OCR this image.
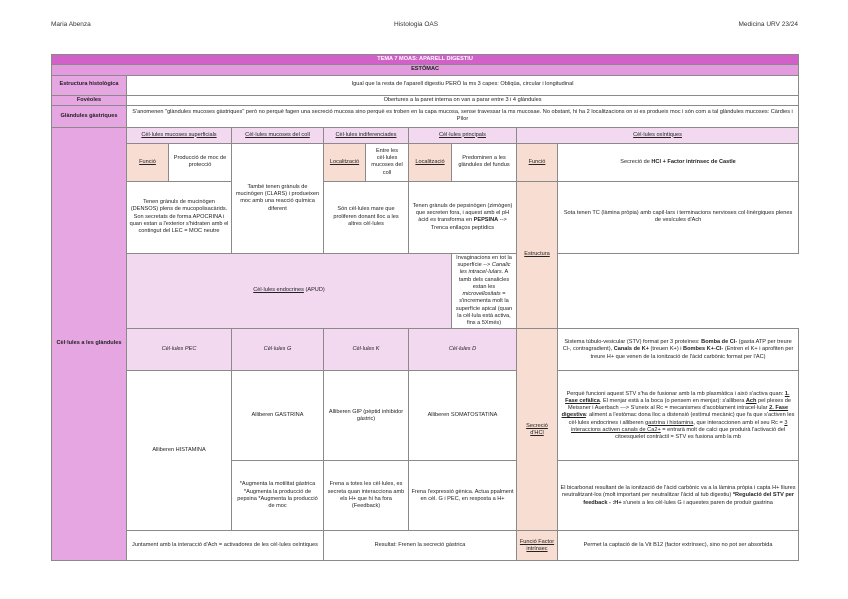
Maria Abenza	Histologia OAS	Medicina URV 23/24
TEMA 7 MOAS: APARELL DIGESTIU									
ESTÒMAC									
Estructura histològica	Igual que la resta de l'aparell digestiu PERÒ la ms 3 capes: Obliqüa, circular i longitudinal								
Fovèoles	Obertures a la paret interna on van a parar entre 3 i 4 glàndules								
Glàndules gàstriques	S'anomenen "glàndules mucoses gàstriques" però no perquè fagen una secreció mucosa sino perquè es troben en la capa mucosa, sense travessar la ms mucosae. No obstant, hi ha 2 localitzacions on si es produeix moc i són com a tal glàndules mucoses: Càrdies i Pílor								
Cèl·lules a les glàndules	Cèl·lules mucoses superficials		Cèl·lules mucoses del coll	Cèl·lules indiferenciades		Cèl·lules principals		Cèl·lules oxíntiques	
	Funció	Producció de moc de protecció	També tenen grànuls de mucinògen (CLARS) i produeixen moc amb una reacció química diferent	Localització	Entre les cèl·lules mucoses del coll	Localització	Predominen a les glàndules del fundus	Funció	Secreció de HCl + Factor intrínsec de Castle
	Tenen grànuls de mucinògen (DENSOS) plens de mucopolisacàrids. Son secretats de forma APOCRINA i quan estan a l'exterior s'hidraten amb el contingut del LEC = MOC neutre			Són cèl·lules mare que proliferen donant lloc a les altres cèl·lules		Tenen grànuls de pepsinògen (zimògen) que secreten fora, i aquest amb el pH àcid es transforma en PEPSINA --> Trenca enllaços peptídics		Estructura	Sota tenen TC (làmina pròpia) amb capil·lars i terminacions nervioses col·linèrgiques plenes de vesícules d'Ach
	Cèl·lules endocrines (APUD)						Invaginacions en tot la superfície --> Canalic les intracel·lulars. A tamb dels canalicles estan les microvellositats = s'incrementa molt la superfície apical (quan la cèl·lula està activa, fins a 5Xmés)		
	Cèl·lules PEC		Cèl·lules G	Cèl·lules K		Cèl·lules D		Secreció d'HCl	Sistema túbulo-vesicular (STV) format per 3 proteïnes: Bomba de Cl- (gasta ATP per treure Cl-, contragradient), Canals de K+ (treuen K+) i Bombes K+-Cl- (Entren el K+ i aprofiten per treure H+ que venen de la ionització de l'àcid carbònic format per l'AC)
	Alliberen HISTAMINA		Alliberen GASTRINA	Alliberen GIP (pèptid inhibidor gàstric)		Alliberen SOMATOSTATINA			Perquè funcioni aquest STV s'ha de fusionar amb la mb plasmàtica i això s'activa quan: 1. Fase cefàlica. El menjar està a la boca (o pensem en menjar): s'allibera Ach pel plexes de Meissner i Auerbach ---> S'uneix al Rc = mecanismes d'acoblament intracel·lular 2. Fase digestiva: aliment a l'estòmac dona lloc a distensió (estímul mecànic) que fa que s'activen les cèl·lules endocrines i alliberen gastrina i histamina, que interaccionen amb el seu Rc = 3 interaccions activen canals de Ca2+ = entrarà molt de calci que produirà l'activació del citoesquelet contràctil = STV es fusiona amb la mb
			*Augmenta la motilitat gàstrica *Augmenta la producció de pepsina *Augmenta la producció de moc	Frena a totes les cèl·lules, es secreta quan interacciona amb els H+ que hi ha fora (Feedback)		Frena l'expressió gènica. Actua ppalment en cèl. G i PEC, en resposta a H+			El bicarbonat resultant de la ionització de l'àcid carbònic va a la làmina pròpia i capta H+ lliures neutralitzant-los (molt important per neutralitzar l'àcid al tub digestiu) *Regulació del STV per feedback - :H+ s'uneix a les cèl·lules G i aquestes paren de produir gastrina
	Juntament amb la interacció d'Ach = activadores de les cèl·lules oxíntiques			Resultat: Frenen la secreció gàstrica				Funció Factor intrínsec	Permet la captació de la Vit B12 (factor extrínsec), sino no pot ser absorbida
